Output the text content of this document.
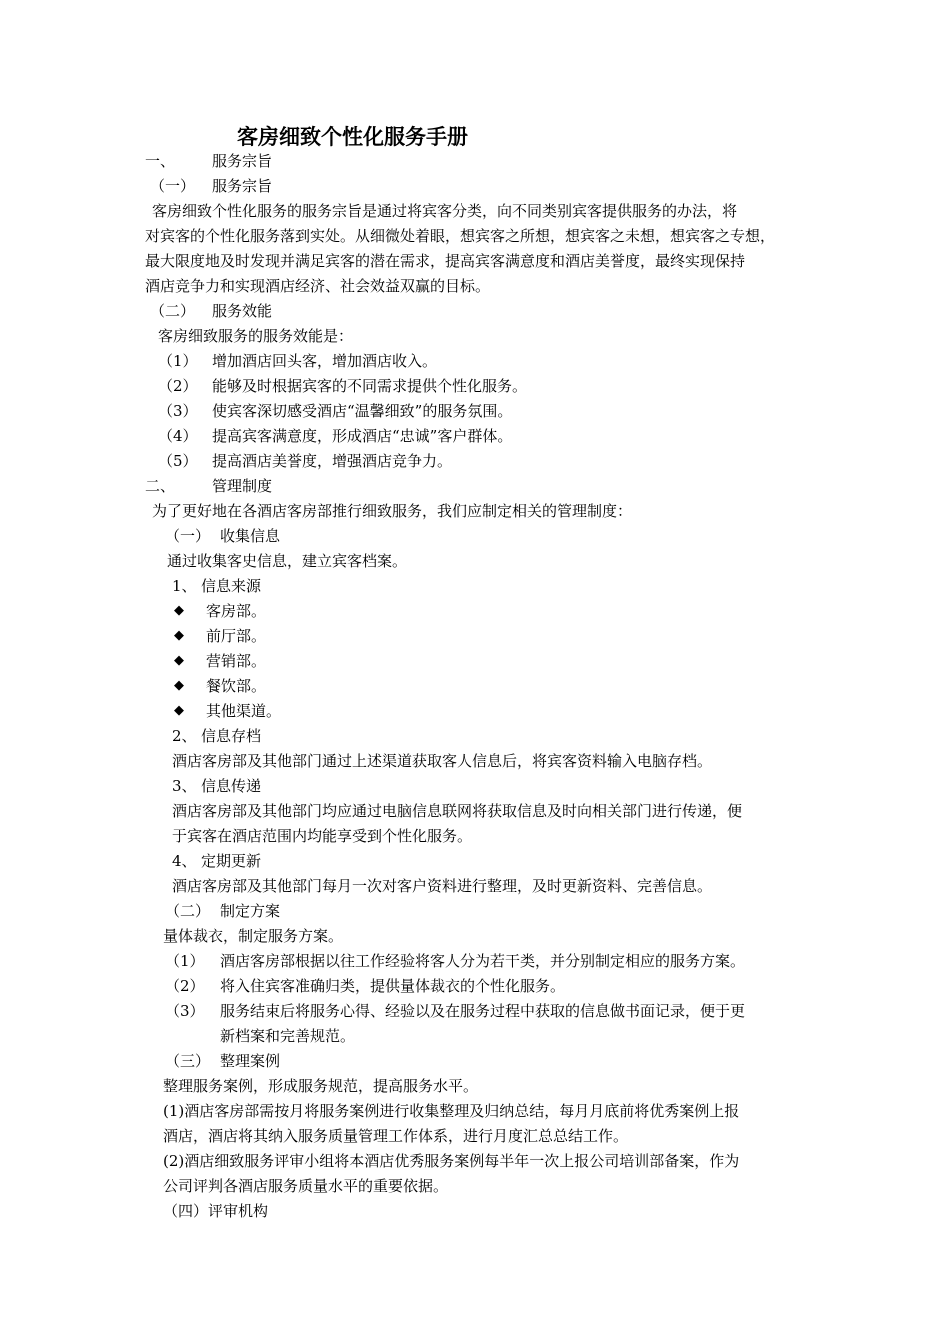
客房细致个性化服务手册
一、 服务宗旨
（一） 服务宗旨
客房细致个性化服务的服务宗旨是通过将宾客分类，向不同类别宾客提供服务的办法，将
对宾客的个性化服务落到实处。从细微处着眼，想宾客之所想，想宾客之未想，想宾客之专想，
最大限度地及时发现并满足宾客的潜在需求，提高宾客满意度和酒店美誉度，最终实现保持
酒店竞争力和实现酒店经济、社会效益双赢的目标。
（二） 服务效能
客房细致服务的服务效能是：
（1） 增加酒店回头客，增加酒店收入。
（2） 能够及时根据宾客的不同需求提供个性化服务。
（3） 使宾客深切感受酒店“温馨细致”的服务氛围。
（4） 提高宾客满意度，形成酒店“忠诚”客户群体。
（5） 提高酒店美誉度，增强酒店竞争力。
二、 管理制度
为了更好地在各酒店客房部推行细致服务，我们应制定相关的管理制度：
（一） 收集信息
通过收集客史信息，建立宾客档案。
1、 信息来源
◆ 客房部。
◆ 前厅部。
◆ 营销部。
◆ 餐饮部。
◆ 其他渠道。
2、 信息存档
酒店客房部及其他部门通过上述渠道获取客人信息后，将宾客资料输入电脑存档。
3、 信息传递
酒店客房部及其他部门均应通过电脑信息联网将获取信息及时向相关部门进行传递，便
于宾客在酒店范围内均能享受到个性化服务。
4、 定期更新
酒店客房部及其他部门每月一次对客户资料进行整理，及时更新资料、完善信息。
（二） 制定方案
量体裁衣，制定服务方案。
（1） 酒店客房部根据以往工作经验将客人分为若干类，并分别制定相应的服务方案。
（2） 将入住宾客准确归类，提供量体裁衣的个性化服务。
（3） 服务结束后将服务心得、经验以及在服务过程中获取的信息做书面记录，便于更
新档案和完善规范。
（三） 整理案例
整理服务案例，形成服务规范，提高服务水平。
(1)酒店客房部需按月将服务案例进行收集整理及归纳总结，每月月底前将优秀案例上报
酒店，酒店将其纳入服务质量管理工作体系，进行月度汇总总结工作。
(2)酒店细致服务评审小组将本酒店优秀服务案例每半年一次上报公司培训部备案，作为
公司评判各酒店服务质量水平的重要依据。
（四）评审机构
